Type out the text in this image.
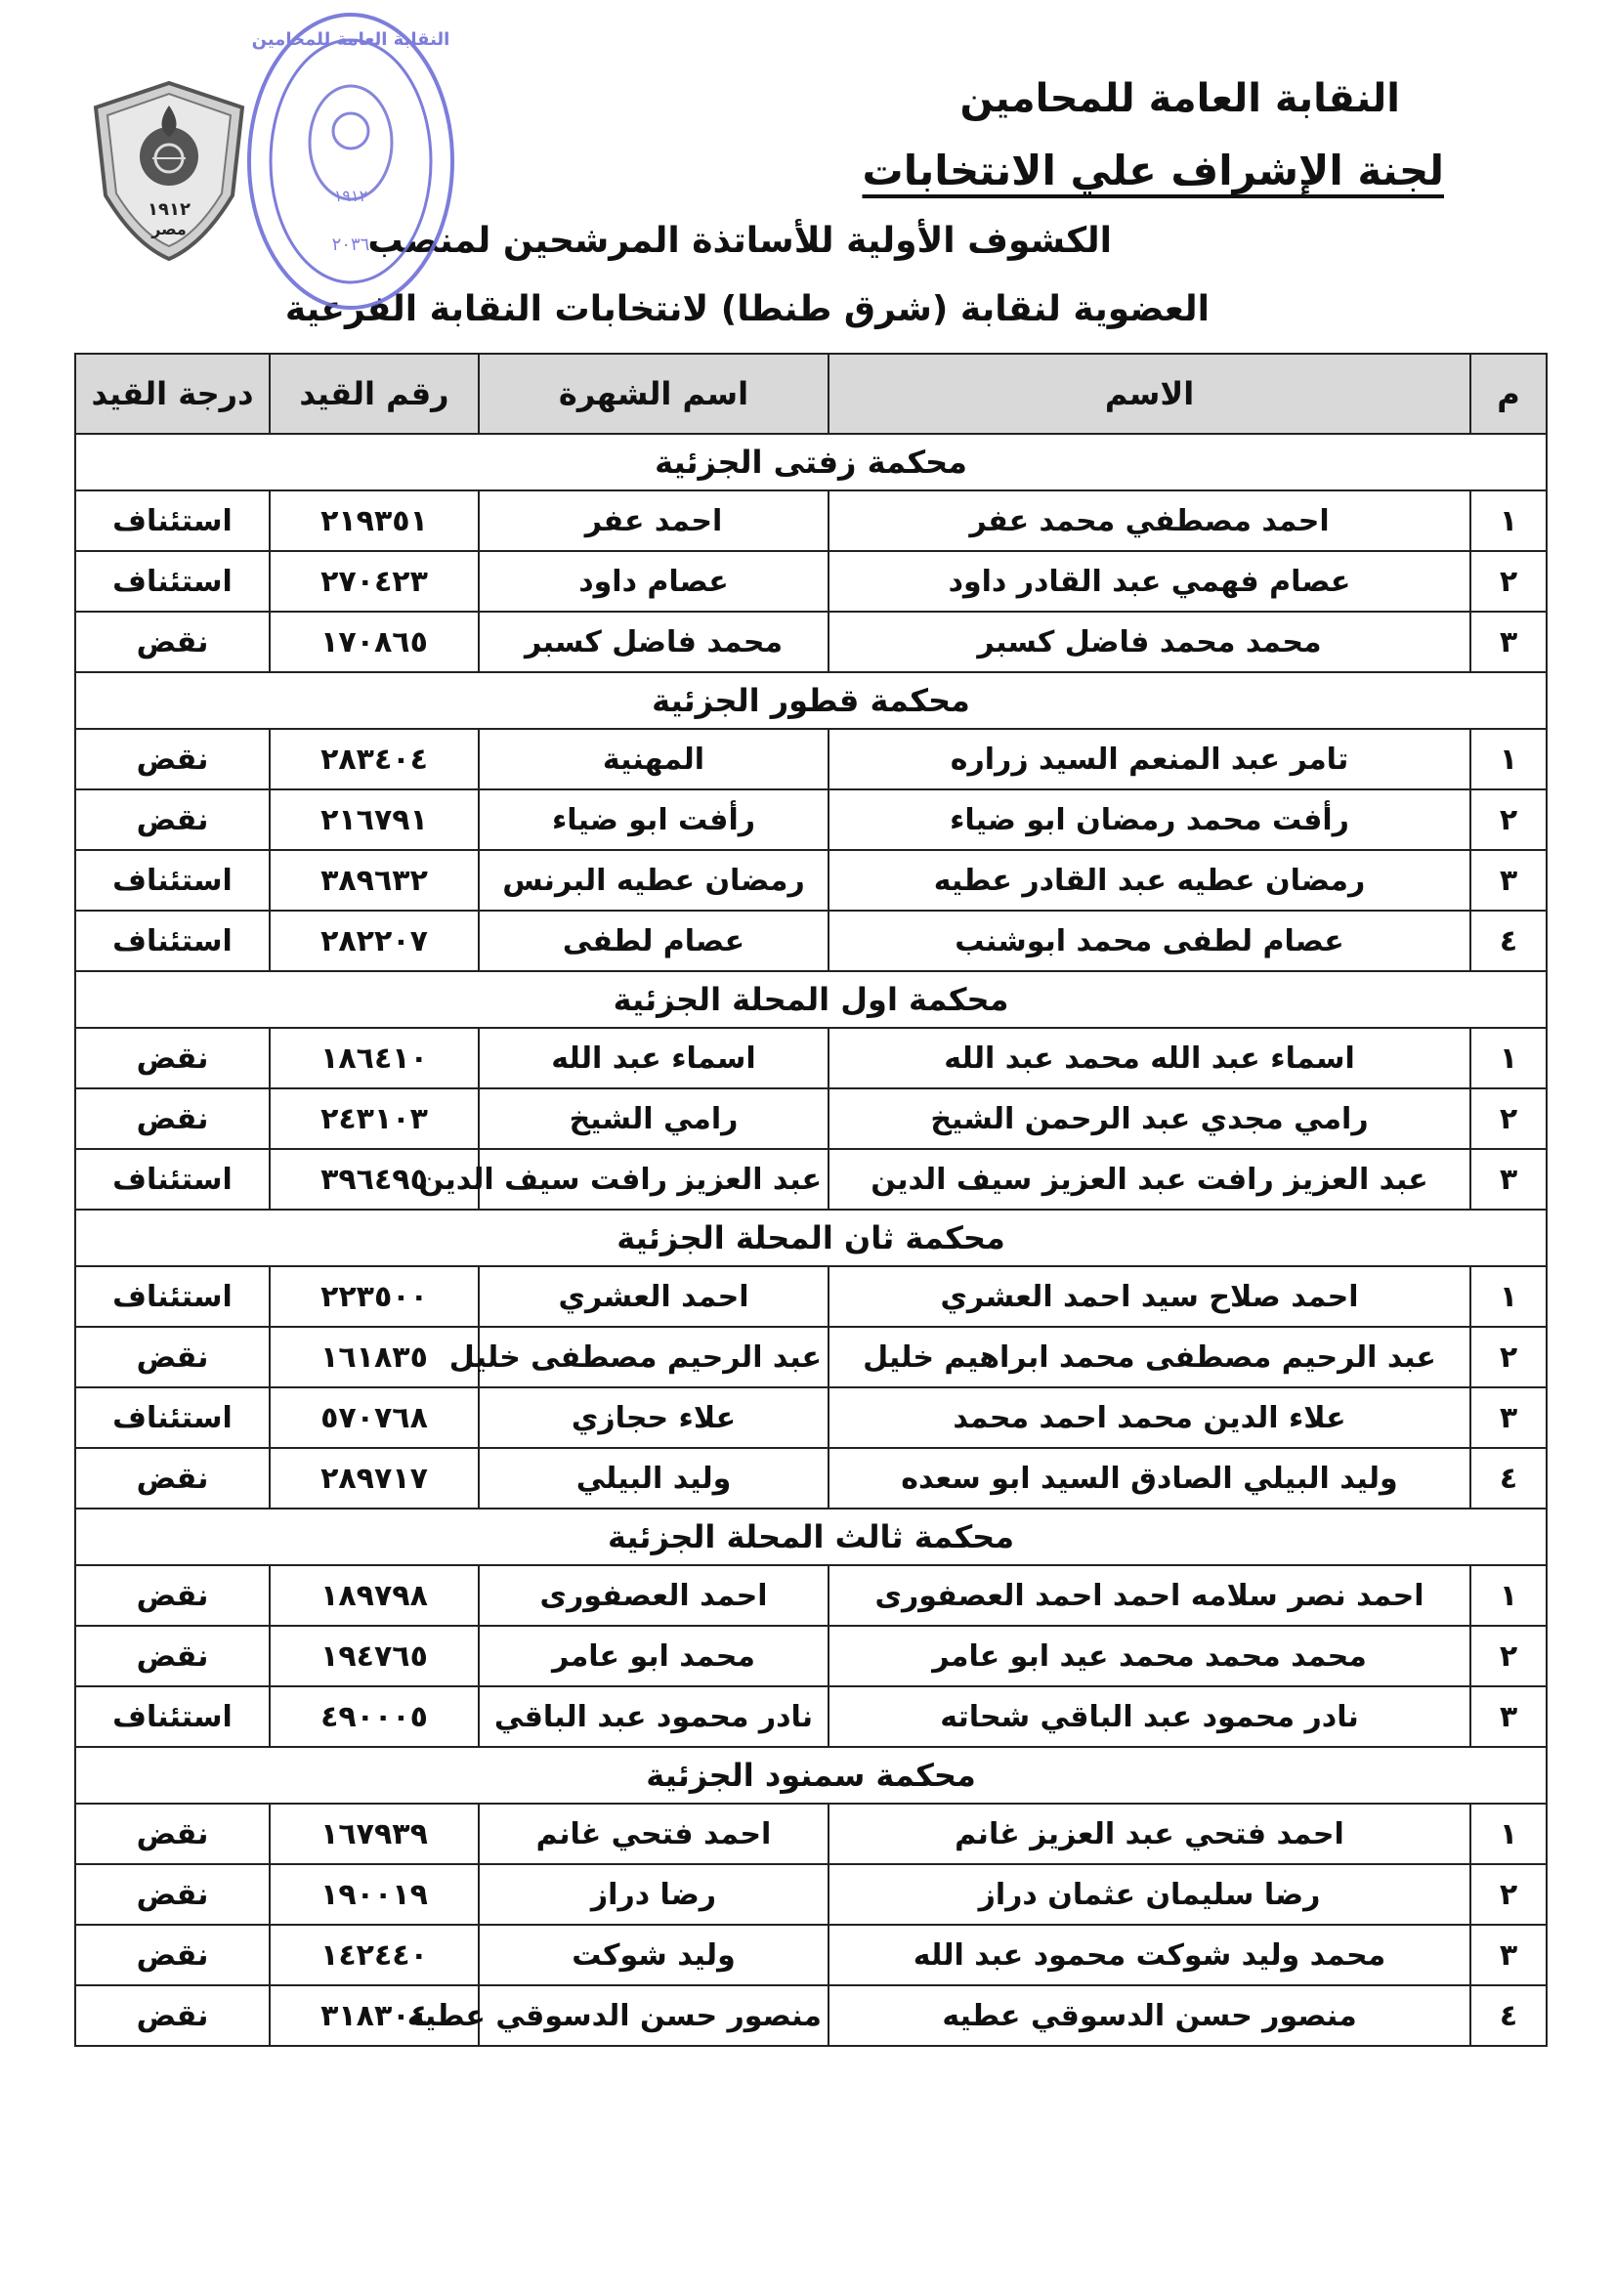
النقابة العامة للمحامين
لجنة الإشراف علي الانتخابات
الكشوف الأولية للأساتذة المرشحين لمنصب
العضوية لنقابة (شرق طنطا) لانتخابات النقابة الفرعية
١٩١٢
مصر
١٩١٢
٢٠٣٦
النقابة العامة للمحامين
م	الاسم	اسم الشهرة	رقم القيد	درجة القيد
محكمة زفتى الجزئية				
١	احمد مصطفي محمد عفر	احمد عفر	٢١٩٣٥١	استئناف
٢	عصام فهمي عبد القادر داود	عصام داود	٢٧٠٤٢٣	استئناف
٣	محمد محمد فاضل كسبر	محمد فاضل كسبر	١٧٠٨٦٥	نقض
محكمة قطور الجزئية				
١	تامر عبد المنعم السيد زراره	المهنية	٢٨٣٤٠٤	نقض
٢	رأفت محمد رمضان ابو ضياء	رأفت ابو ضياء	٢١٦٧٩١	نقض
٣	رمضان عطيه عبد القادر عطيه	رمضان عطيه البرنس	٣٨٩٦٣٢	استئناف
٤	عصام لطفى محمد ابوشنب	عصام لطفى	٢٨٢٢٠٧	استئناف
محكمة اول المحلة الجزئية				
١	اسماء عبد الله محمد عبد الله	اسماء عبد الله	١٨٦٤١٠	نقض
٢	رامي مجدي عبد الرحمن الشيخ	رامي الشيخ	٢٤٣١٠٣	نقض
٣	عبد العزيز رافت عبد العزيز سيف الدين	عبد العزيز رافت سيف الدين	٣٩٦٤٩٥	استئناف
محكمة ثان المحلة الجزئية				
١	احمد صلاح سيد احمد العشري	احمد العشري	٢٢٣٥٠٠	استئناف
٢	عبد الرحيم مصطفى محمد ابراهيم خليل	عبد الرحيم مصطفى خليل	١٦١٨٣٥	نقض
٣	علاء الدين محمد احمد محمد	علاء حجازي	٥٧٠٧٦٨	استئناف
٤	وليد البيلي الصادق السيد ابو سعده	وليد البيلي	٢٨٩٧١٧	نقض
محكمة ثالث المحلة الجزئية				
١	احمد نصر سلامه احمد احمد العصفورى	احمد العصفورى	١٨٩٧٩٨	نقض
٢	محمد محمد محمد عيد ابو عامر	محمد ابو عامر	١٩٤٧٦٥	نقض
٣	نادر محمود عبد الباقي شحاته	نادر محمود عبد الباقي	٤٩٠٠٠٥	استئناف
محكمة سمنود الجزئية				
١	احمد فتحي عبد العزيز غانم	احمد فتحي غانم	١٦٧٩٣٩	نقض
٢	رضا سليمان عثمان دراز	رضا دراز	١٩٠٠١٩	نقض
٣	محمد وليد شوكت محمود عبد الله	وليد شوكت	١٤٢٤٤٠	نقض
٤	منصور حسن الدسوقي عطيه	منصور حسن الدسوقي عطيه	٣١٨٣٠٤	نقض
